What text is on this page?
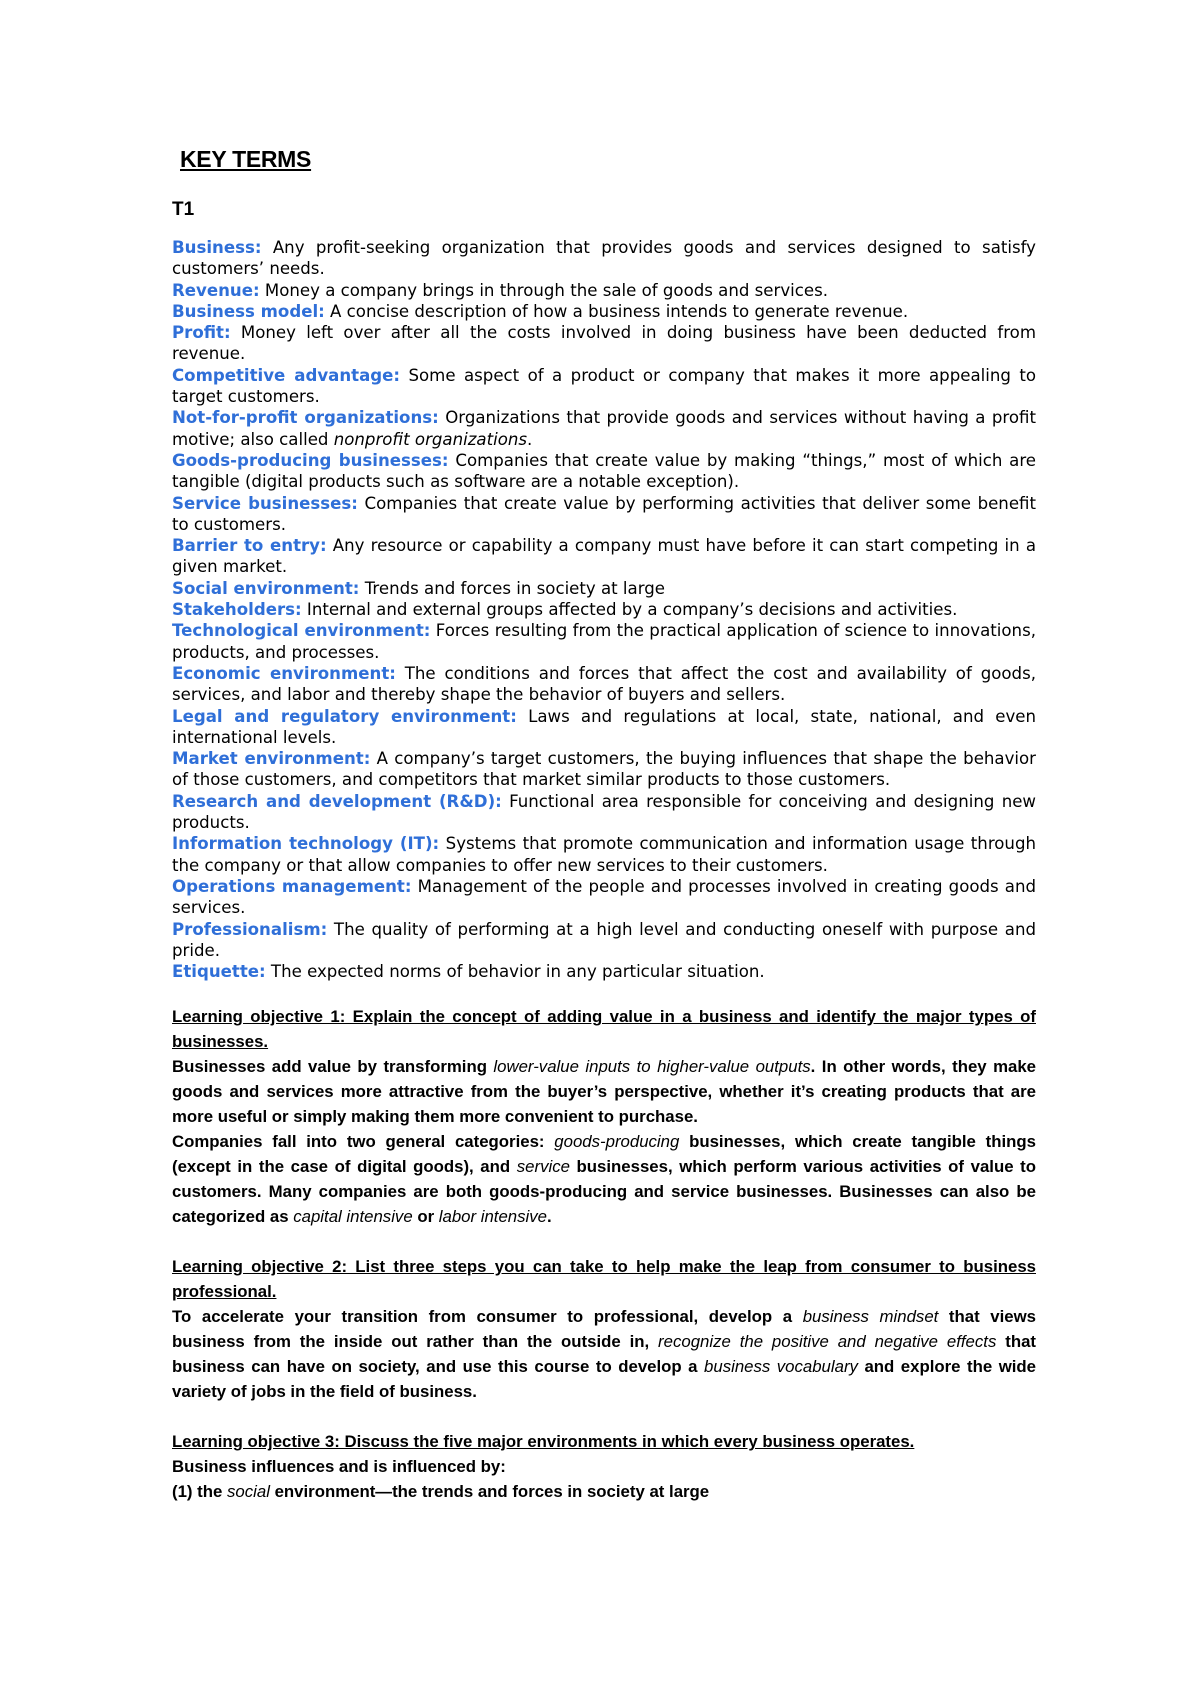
KEY TERMS
T1

Business: Any profit-seeking organization that provides goods and services designed to satisfy customers’ needs.

Revenue: Money a company brings in through the sale of goods and services.

Business model: A concise description of how a business intends to generate revenue.

Profit: Money left over after all the costs involved in doing business have been deducted from revenue.

Competitive advantage: Some aspect of a product or company that makes it more appealing to target customers.

Not-for-profit organizations: Organizations that provide goods and services without having a profit motive; also called nonprofit organizations.

Goods-producing businesses: Companies that create value by making “things,” most of which are tangible (digital products such as software are a notable exception).

Service businesses: Companies that create value by performing activities that deliver some benefit to customers.

Barrier to entry: Any resource or capability a company must have before it can start competing in a given market.

Social environment: Trends and forces in society at large

Stakeholders: Internal and external groups affected by a company’s decisions and activities.

Technological environment: Forces resulting from the practical application of science to innovations, products, and processes.

Economic environment: The conditions and forces that affect the cost and availability of goods, services, and labor and thereby shape the behavior of buyers and sellers.

Legal and regulatory environment: Laws and regulations at local, state, national, and even international levels.

Market environment: A company’s target customers, the buying influences that shape the behavior of those customers, and competitors that market similar products to those customers.

Research and development (R&D): Functional area responsible for conceiving and designing new products.

Information technology (IT): Systems that promote communication and information usage through the company or that allow companies to offer new services to their customers.

Operations management: Management of the people and processes involved in creating goods and services.

Professionalism: The quality of performing at a high level and conducting oneself with purpose and pride.

Etiquette: The expected norms of behavior in any particular situation.

Learning objective 1: Explain the concept of adding value in a business and identify the major types of businesses.

Businesses add value by transforming lower-value inputs to higher-value outputs. In other words, they make goods and services more attractive from the buyer’s perspective, whether it’s creating products that are more useful or simply making them more convenient to purchase.

Companies fall into two general categories: goods-producing businesses, which create tangible things (except in the case of digital goods), and service businesses, which perform various activities of value to customers. Many companies are both goods-producing and service businesses. Businesses can also be categorized as capital intensive or labor intensive.

Learning objective 2: List three steps you can take to help make the leap from consumer to business professional.

To accelerate your transition from consumer to professional, develop a business mindset that views business from the inside out rather than the outside in, recognize the positive and negative effects that business can have on society, and use this course to develop a business vocabulary and explore the wide variety of jobs in the field of business.

Learning objective 3: Discuss the five major environments in which every business operates.

Business influences and is influenced by:

(1) the social environment—the trends and forces in society at large
